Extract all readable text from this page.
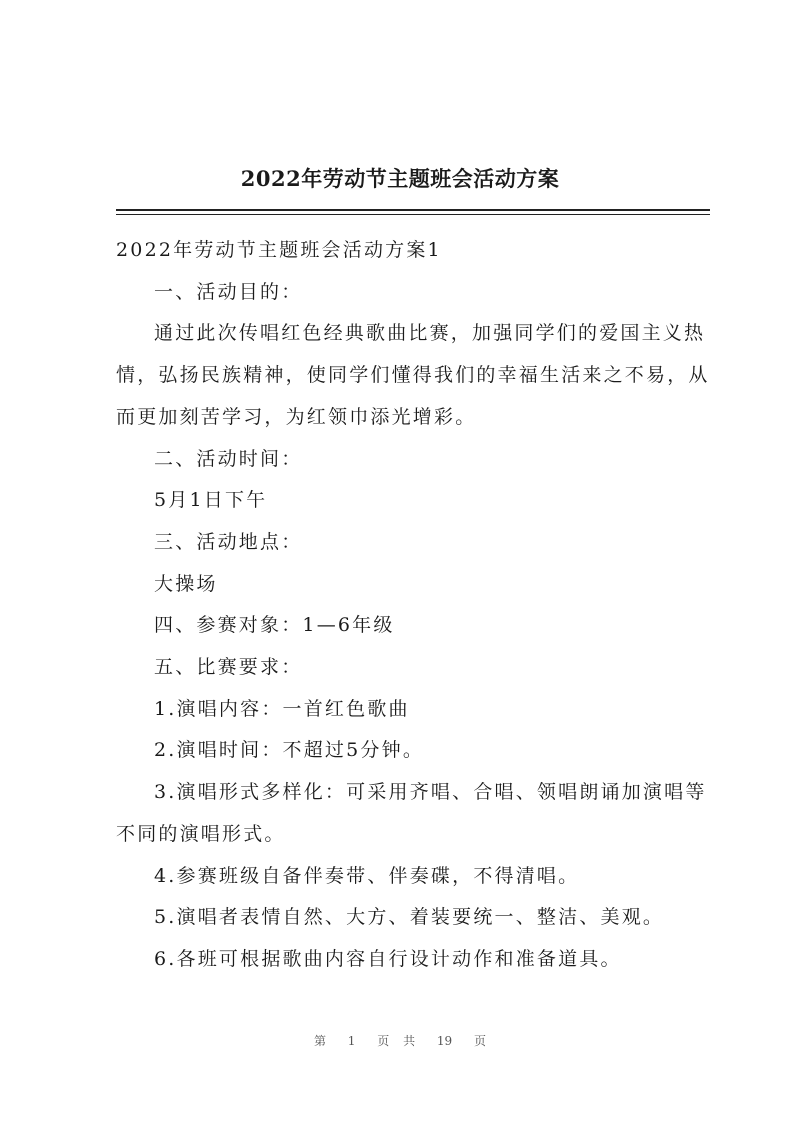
2022年劳动节主题班会活动方案

2022年劳动节主题班会活动方案1

一、活动目的：

通过此次传唱红色经典歌曲比赛，加强同学们的爱国主义热情，弘扬民族精神，使同学们懂得我们的幸福生活来之不易，从而更加刻苦学习，为红领巾添光增彩。

二、活动时间：

5月1日下午

三、活动地点：

大操场

四、参赛对象：1—6年级

五、比赛要求：

1.演唱内容：一首红色歌曲

2.演唱时间：不超过5分钟。

3.演唱形式多样化：可采用齐唱、合唱、领唱朗诵加演唱等不同的演唱形式。

4.参赛班级自备伴奏带、伴奏碟，不得清唱。

5.演唱者表情自然、大方、着装要统一、整洁、美观。

6.各班可根据歌曲内容自行设计动作和准备道具。

第 1 页 共 19 页
